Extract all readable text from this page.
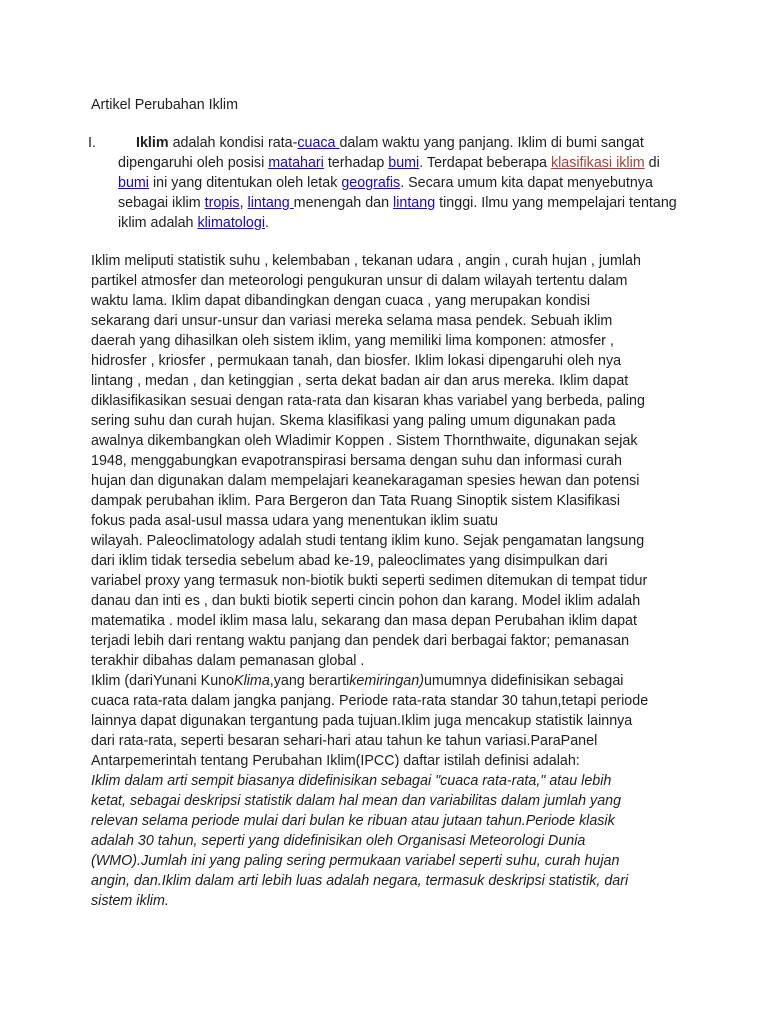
Artikel Perubahan Iklim
I.	Iklim adalah kondisi rata-cuaca dalam waktu yang panjang. Iklim di bumi sangat dipengaruhi oleh posisi matahari terhadap bumi. Terdapat beberapa klasifikasi iklim di bumi ini yang ditentukan oleh letak geografis. Secara umum kita dapat menyebutnya sebagai iklim tropis, lintang menengah dan lintang tinggi. Ilmu yang mempelajari tentang iklim adalah klimatologi.

Iklim meliputi statistik suhu , kelembaban , tekanan udara , angin , curah hujan , jumlah
partikel atmosfer dan meteorologi pengukuran unsur di dalam wilayah tertentu dalam
waktu lama. Iklim dapat dibandingkan dengan cuaca , yang merupakan kondisi
sekarang dari unsur-unsur dan variasi mereka selama masa pendek. Sebuah iklim
daerah yang dihasilkan oleh sistem iklim, yang memiliki lima komponen: atmosfer ,
hidrosfer , kriosfer , permukaan tanah, dan biosfer. Iklim lokasi dipengaruhi oleh nya
lintang , medan , dan ketinggian , serta dekat badan air dan arus mereka. Iklim dapat
diklasifikasikan sesuai dengan rata-rata dan kisaran khas variabel yang berbeda, paling
sering suhu dan curah hujan. Skema klasifikasi yang paling umum digunakan pada
awalnya dikembangkan oleh Wladimir Koppen . Sistem Thornthwaite, digunakan sejak
1948, menggabungkan evapotranspirasi bersama dengan suhu dan informasi curah
hujan dan digunakan dalam mempelajari keanekaragaman spesies hewan dan potensi
dampak perubahan iklim. Para Bergeron dan Tata Ruang Sinoptik sistem Klasifikasi
fokus pada asal-usul massa udara yang menentukan iklim suatu
wilayah. Paleoclimatology adalah studi tentang iklim kuno. Sejak pengamatan langsung
dari iklim tidak tersedia sebelum abad ke-19, paleoclimates yang disimpulkan dari
variabel proxy yang termasuk non-biotik bukti seperti sedimen ditemukan di tempat tidur
danau dan inti es , dan bukti biotik seperti cincin pohon dan karang. Model iklim adalah
matematika . model iklim masa lalu, sekarang dan masa depan Perubahan iklim dapat
terjadi lebih dari rentang waktu panjang dan pendek dari berbagai faktor; pemanasan
terakhir dibahas dalam pemanasan global .
Iklim (dariYunani KunoKlima,yang berartikemiringan)umumnya didefinisikan sebagai
cuaca rata-rata dalam jangka panjang. Periode rata-rata standar 30 tahun,tetapi periode
lainnya dapat digunakan tergantung pada tujuan.Iklim juga mencakup statistik lainnya
dari rata-rata, seperti besaran sehari-hari atau tahun ke tahun variasi.ParaPanel
Antarpemerintah tentang Perubahan Iklim(IPCC) daftar istilah definisi adalah:
Iklim dalam arti sempit biasanya didefinisikan sebagai "cuaca rata-rata," atau lebih
ketat, sebagai deskripsi statistik dalam hal mean dan variabilitas dalam jumlah yang
relevan selama periode mulai dari bulan ke ribuan atau jutaan tahun.Periode klasik
adalah 30 tahun, seperti yang didefinisikan oleh Organisasi Meteorologi Dunia
(WMO).Jumlah ini yang paling sering permukaan variabel seperti suhu, curah hujan
angin, dan.Iklim dalam arti lebih luas adalah negara, termasuk deskripsi statistik, dari
sistem iklim.
